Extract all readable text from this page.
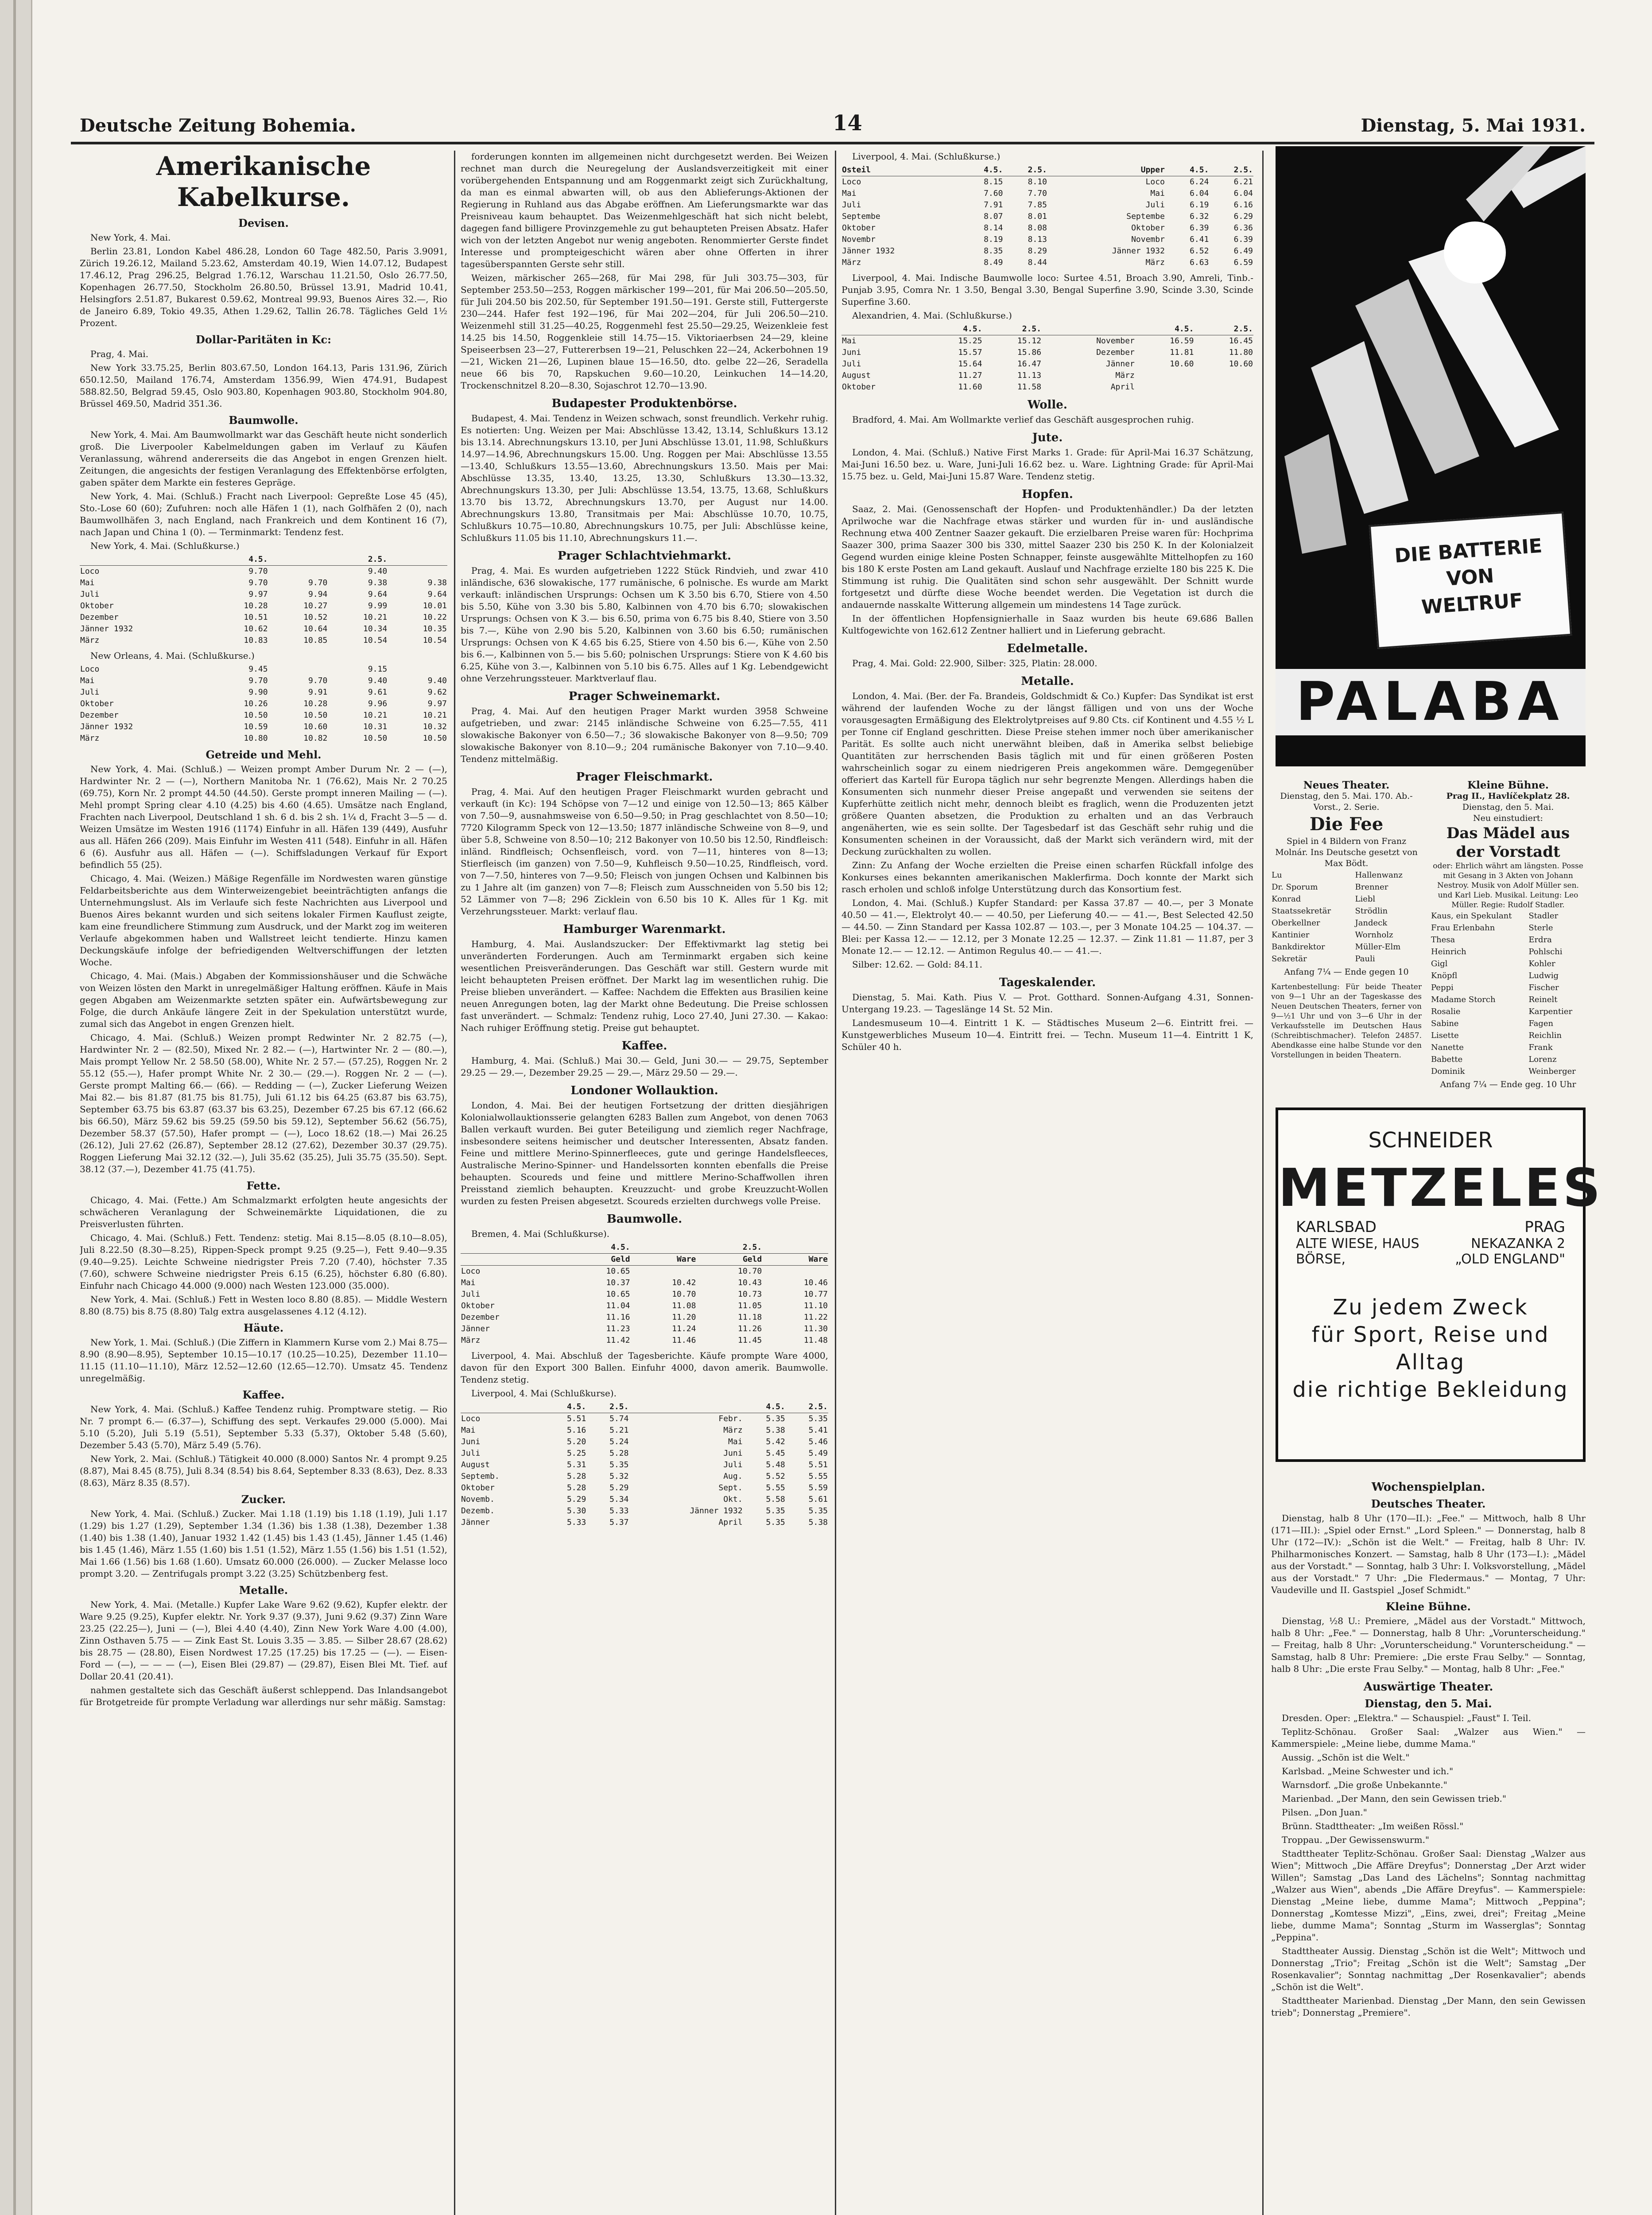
Deutsche Zeitung Bohemia.	14	Dienstag, 5. Mai 1931.
Amerikanische Kabelkurse.
Devisen.

New York, 4. Mai.

Berlin 23.81, London Kabel 486.28, London 60 Tage 482.50, Paris 3.9091, Zürich 19.26.12, Mailand 5.23.62, Amsterdam 40.19, Wien 14.07.12, Budapest 17.46.12, Prag 296.25, Belgrad 1.76.12, Warschau 11.21.50, Oslo 26.77.50, Kopenhagen 26.77.50, Stockholm 26.80.50, Brüssel 13.91, Madrid 10.41, Helsingfors 2.51.87, Bukarest 0.59.62, Montreal 99.93, Buenos Aires 32.—, Rio de Janeiro 6.89, Tokio 49.35, Athen 1.29.62, Tallin 26.78. Tägliches Geld 1½ Prozent.

Dollar-Paritäten in Kc:

Prag, 4. Mai.

New York 33.75.25, Berlin 803.67.50, London 164.13, Paris 131.96, Zürich 650.12.50, Mailand 176.74, Amsterdam 1356.99, Wien 474.91, Budapest 588.82.50, Belgrad 59.45, Oslo 903.80, Kopenhagen 903.80, Stockholm 904.80, Brüssel 469.50, Madrid 351.36.

Baumwolle.

New York, 4. Mai. Am Baumwollmarkt war das Geschäft heute nicht sonderlich groß. Die Liverpooler Kabelmeldungen gaben im Verlauf zu Käufen Veranlassung, während andererseits die das Angebot in engen Grenzen hielt. Zeitungen, die angesichts der festigen Veranlagung des Effektenbörse erfolgten, gaben später dem Markte ein festeres Gepräge.

New York, 4. Mai. (Schluß.) Fracht nach Liverpool: Gepreßte Lose 45 (45), Sto.-Lose 60 (60); Zufuhren: noch alle Häfen 1 (1), nach Golfhäfen 2 (0), nach Baumwollhäfen 3, nach England, nach Frankreich und dem Kontinent 16 (7), nach Japan und China 1 (0). — Terminmarkt: Tendenz fest.

New York, 4. Mai. (Schlußkurse.)

	4.5.		2.5.	
Loco	9.70		9.40	
Mai	9.70	9.70	9.38	9.38
Juli	9.97	9.94	9.64	9.64
Oktober	10.28	10.27	9.99	10.01
Dezember	10.51	10.52	10.21	10.22
Jänner 1932	10.62	10.64	10.34	10.35
März	10.83	10.85	10.54	10.54

New Orleans, 4. Mai. (Schlußkurse.)

Loco	9.45		9.15	
Mai	9.70	9.70	9.40	9.40
Juli	9.90	9.91	9.61	9.62
Oktober	10.26	10.28	9.96	9.97
Dezember	10.50	10.50	10.21	10.21
Jänner 1932	10.59	10.60	10.31	10.32
März	10.80	10.82	10.50	10.50
Getreide und Mehl.

New York, 4. Mai. (Schluß.) — Weizen prompt Amber Durum Nr. 2 — (—), Hardwinter Nr. 2 — (—), Northern Manitoba Nr. 1 (76.62), Mais Nr. 2 70.25 (69.75), Korn Nr. 2 prompt 44.50 (44.50). Gerste prompt inneren Mailing — (—). Mehl prompt Spring clear 4.10 (4.25) bis 4.60 (4.65). Umsätze nach England, Frachten nach Liverpool, Deutschland 1 sh. 6 d. bis 2 sh. 1¼ d, Fracht 3—5 — d. Weizen Umsätze im Westen 1916 (1174) Einfuhr in all. Häfen 139 (449), Ausfuhr aus all. Häfen 266 (209). Mais Einfuhr im Westen 411 (548). Einfuhr in all. Häfen 6 (6). Ausfuhr aus all. Häfen — (—). Schiffsladungen Verkauf für Export befindlich 55 (25).

Chicago, 4. Mai. (Weizen.) Mäßige Regenfälle im Nordwesten waren günstige Feldarbeitsberichte aus dem Winterweizengebiet beeinträchtigten anfangs die Unternehmungslust. Als im Verlaufe sich feste Nachrichten aus Liverpool und Buenos Aires bekannt wurden und sich seitens lokaler Firmen Kauflust zeigte, kam eine freundlichere Stimmung zum Ausdruck, und der Markt zog im weiteren Verlaufe abgekommen haben und Wallstreet leicht tendierte. Hinzu kamen Deckungskäufe infolge der befriedigenden Weltverschiffungen der letzten Woche.

Chicago, 4. Mai. (Mais.) Abgaben der Kommissionshäuser und die Schwäche von Weizen lösten den Markt in unregelmäßiger Haltung eröffnen. Käufe in Mais gegen Abgaben am Weizenmarkte setzten später ein. Aufwärtsbewegung zur Folge, die durch Ankäufe längere Zeit in der Spekulation unterstützt wurde, zumal sich das Angebot in engen Grenzen hielt.

Chicago, 4. Mai. (Schluß.) Weizen prompt Redwinter Nr. 2 82.75 (—), Hardwinter Nr. 2 — (82.50), Mixed Nr. 2 82.— (—), Hartwinter Nr. 2 — (80.—), Mais prompt Yellow Nr. 2 58.50 (58.00), White Nr. 2 57.— (57.25), Roggen Nr. 2 55.12 (55.—), Hafer prompt White Nr. 2 30.— (29.—). Roggen Nr. 2 — (—). Gerste prompt Malting 66.— (66). — Redding — (—), Zucker Lieferung Weizen Mai 82.— bis 81.87 (81.75 bis 81.75), Juli 61.12 bis 64.25 (63.87 bis 63.75), September 63.75 bis 63.87 (63.37 bis 63.25), Dezember 67.25 bis 67.12 (66.62 bis 66.50), März 59.62 bis 59.25 (59.50 bis 59.12), September 56.62 (56.75), Dezember 58.37 (57.50), Hafer prompt — (—), Loco 18.62 (18.—) Mai 26.25 (26.12), Juli 27.62 (26.87), September 28.12 (27.62), Dezember 30.37 (29.75). Roggen Lieferung Mai 32.12 (32.—), Juli 35.62 (35.25), Juli 35.75 (35.50). Sept. 38.12 (37.—), Dezember 41.75 (41.75).

Fette.

Chicago, 4. Mai. (Fette.) Am Schmalzmarkt erfolgten heute angesichts der schwächeren Veranlagung der Schweinemärkte Liquidationen, die zu Preisverlusten führten.

Chicago, 4. Mai. (Schluß.) Fett. Tendenz: stetig. Mai 8.15—8.05 (8.10—8.05), Juli 8.22.50 (8.30—8.25), Rippen-Speck prompt 9.25 (9.25—), Fett 9.40—9.35 (9.40—9.25). Leichte Schweine niedrigster Preis 7.20 (7.40), höchster 7.35 (7.60), schwere Schweine niedrigster Preis 6.15 (6.25), höchster 6.80 (6.80). Einfuhr nach Chicago 44.000 (9.000) nach Westen 123.000 (35.000).

New York, 4. Mai. (Schluß.) Fett in Westen loco 8.80 (8.85). — Middle Western 8.80 (8.75) bis 8.75 (8.80) Talg extra ausgelassenes 4.12 (4.12).

Häute.

New York, 1. Mai. (Schluß.) (Die Ziffern in Klammern Kurse vom 2.) Mai 8.75—8.90 (8.90—8.95), September 10.15—10.17 (10.25—10.25), Dezember 11.10—11.15 (11.10—11.10), März 12.52—12.60 (12.65—12.70). Umsatz 45. Tendenz unregelmäßig.

Kaffee.

New York, 4. Mai. (Schluß.) Kaffee Tendenz ruhig. Promptware stetig. — Rio Nr. 7 prompt 6.— (6.37—), Schiffung des sept. Verkaufes 29.000 (5.000). Mai 5.10 (5.20), Juli 5.19 (5.51), September 5.33 (5.37), Oktober 5.48 (5.60), Dezember 5.43 (5.70), März 5.49 (5.76).

New York, 2. Mai. (Schluß.) Tätigkeit 40.000 (8.000) Santos Nr. 4 prompt 9.25 (8.87), Mai 8.45 (8.75), Juli 8.34 (8.54) bis 8.64, September 8.33 (8.63), Dez. 8.33 (8.63), März 8.35 (8.57).

Zucker.

New York, 4. Mai. (Schluß.) Zucker. Mai 1.18 (1.19) bis 1.18 (1.19), Juli 1.17 (1.29) bis 1.27 (1.29), September 1.34 (1.36) bis 1.38 (1.38), Dezember 1.38 (1.40) bis 1.38 (1.40), Januar 1932 1.42 (1.45) bis 1.43 (1.45), Jänner 1.45 (1.46) bis 1.45 (1.46), März 1.55 (1.60) bis 1.51 (1.52), März 1.55 (1.56) bis 1.51 (1.52), Mai 1.66 (1.56) bis 1.68 (1.60). Umsatz 60.000 (26.000). — Zucker Melasse loco prompt 3.20. — Zentrifugals prompt 3.22 (3.25) Schützbenberg fest.

Metalle.

New York, 4. Mai. (Metalle.) Kupfer Lake Ware 9.62 (9.62), Kupfer elektr. der Ware 9.25 (9.25), Kupfer elektr. Nr. York 9.37 (9.37), Juni 9.62 (9.37) Zinn Ware 23.25 (22.25—), Juni — (—), Blei 4.40 (4.40), Zinn New York Ware 4.00 (4.00), Zinn Osthaven 5.75 — — Zink East St. Louis 3.35 — 3.85. — Silber 28.67 (28.62) bis 28.75 — (28.80), Eisen Nordwest 17.25 (17.25) bis 17.25 — (—). — Eisen-Ford — (—), — — — (—), Eisen Blei (29.87) — (29.87), Eisen Blei Mt. Tief. auf Dollar 20.41 (20.41).

nahmen gestaltete sich das Geschäft äußerst schleppend. Das Inlandsangebot für Brotgetreide für prompte Verladung war allerdings nur sehr mäßig. Samstag:

forderungen konnten im allgemeinen nicht durchgesetzt werden. Bei Weizen rechnet man durch die Neuregelung der Auslandsverzeitigkeit mit einer vorübergehenden Entspannung und am Roggenmarkt zeigt sich Zurückhaltung, da man es einmal abwarten will, ob aus den Ablieferungs-Aktionen der Regierung in Ruhland aus das Abgabe eröffnen. Am Lieferungsmarkte war das Preisniveau kaum behauptet. Das Weizenmehlgeschäft hat sich nicht belebt, dagegen fand billigere Provinzgemehle zu gut behaupteten Preisen Absatz. Hafer wich von der letzten Angebot nur wenig angeboten. Renommierter Gerste findet Interesse und prompteigeschicht wären aber ohne Offerten in ihrer tagesüberspannten Gerste sehr still.

Weizen, märkischer 265—268, für Mai 298, für Juli 303.75—303, für September 253.50—253, Roggen märkischer 199—201, für Mai 206.50—205.50, für Juli 204.50 bis 202.50, für September 191.50—191. Gerste still, Futtergerste 230—244. Hafer fest 192—196, für Mai 202—204, für Juli 206.50—210. Weizenmehl still 31.25—40.25, Roggenmehl fest 25.50—29.25, Weizenkleie fest 14.25 bis 14.50, Roggenkleie still 14.75—15. Viktoriaerbsen 24—29, kleine Speiseerbsen 23—27, Futtererbsen 19—21, Peluschken 22—24, Ackerbohnen 19—21, Wicken 21—26, Lupinen blaue 15—16.50, dto. gelbe 22—26, Seradella neue 66 bis 70, Rapskuchen 9.60—10.20, Leinkuchen 14—14.20, Trockenschnitzel 8.20—8.30, Sojaschrot 12.70—13.90.

Budapester Produktenbörse.

Budapest, 4. Mai. Tendenz in Weizen schwach, sonst freundlich. Verkehr ruhig. Es notierten: Ung. Weizen per Mai: Abschlüsse 13.42, 13.14, Schlußkurs 13.12 bis 13.14. Abrechnungskurs 13.10, per Juni Abschlüsse 13.01, 11.98, Schlußkurs 14.97—14.96, Abrechnungskurs 15.00. Ung. Roggen per Mai: Abschlüsse 13.55—13.40, Schlußkurs 13.55—13.60, Abrechnungskurs 13.50. Mais per Mai: Abschlüsse 13.35, 13.40, 13.25, 13.30, Schlußkurs 13.30—13.32, Abrechnungskurs 13.30, per Juli: Abschlüsse 13.54, 13.75, 13.68, Schlußkurs 13.70 bis 13.72, Abrechnungskurs 13.70, per August nur 14.00. Abrechnungskurs 13.80, Transitmais per Mai: Abschlüsse 10.70, 10.75, Schlußkurs 10.75—10.80, Abrechnungskurs 10.75, per Juli: Abschlüsse keine, Schlußkurs 11.05 bis 11.10, Abrechnungskurs 11.—.

Prager Schlachtviehmarkt.

Prag, 4. Mai. Es wurden aufgetrieben 1222 Stück Rindvieh, und zwar 410 inländische, 636 slowakische, 177 rumänische, 6 polnische. Es wurde am Markt verkauft: inländischen Ursprungs: Ochsen um K 3.50 bis 6.70, Stiere von 4.50 bis 5.50, Kühe von 3.30 bis 5.80, Kalbinnen von 4.70 bis 6.70; slowakischen Ursprungs: Ochsen von K 3.— bis 6.50, prima von 6.75 bis 8.40, Stiere von 3.50 bis 7.—, Kühe von 2.90 bis 5.20, Kalbinnen von 3.60 bis 6.50; rumänischen Ursprungs: Ochsen von K 4.65 bis 6.25, Stiere von 4.50 bis 6.—, Kühe von 2.50 bis 6.—, Kalbinnen von 5.— bis 5.60; polnischen Ursprungs: Stiere von K 4.60 bis 6.25, Kühe von 3.—, Kalbinnen von 5.10 bis 6.75. Alles auf 1 Kg. Lebendgewicht ohne Verzehrungssteuer. Marktverlauf flau.

Prager Schweinemarkt.

Prag, 4. Mai. Auf den heutigen Prager Markt wurden 3958 Schweine aufgetrieben, und zwar: 2145 inländische Schweine von 6.25—7.55, 411 slowakische Bakonyer von 6.50—7.; 36 slowakische Bakonyer von 8—9.50; 709 slowakische Bakonyer von 8.10—9.; 204 rumänische Bakonyer von 7.10—9.40. Tendenz mittelmäßig.

Prager Fleischmarkt.

Prag, 4. Mai. Auf den heutigen Prager Fleischmarkt wurden gebracht und verkauft (in Kc): 194 Schöpse von 7—12 und einige von 12.50—13; 865 Kälber von 7.50—9, ausnahmsweise von 6.50—9.50; in Prag geschlachtet von 8.50—10; 7720 Kilogramm Speck von 12—13.50; 1877 inländische Schweine von 8—9, und über 5.8, Schweine von 8.50—10; 212 Bakonyer von 10.50 bis 12.50, Rindfleisch: inländ. Rindfleisch; Ochsenfleisch, vord. von 7—11, hinteres von 8—13; Stierfleisch (im ganzen) von 7.50—9, Kuhfleisch 9.50—10.25, Rindfleisch, vord. von 7—7.50, hinteres von 7—9.50; Fleisch von jungen Ochsen und Kalbinnen bis zu 1 Jahre alt (im ganzen) von 7—8; Fleisch zum Ausschneiden von 5.50 bis 12; 52 Lämmer von 7—8; 296 Zicklein von 6.50 bis 10 K. Alles für 1 Kg. mit Verzehrungssteuer. Markt: verlauf flau.

Hamburger Warenmarkt.

Hamburg, 4. Mai. Auslandszucker: Der Effektivmarkt lag stetig bei unveränderten Forderungen. Auch am Terminmarkt ergaben sich keine wesentlichen Preisveränderungen. Das Geschäft war still. Gestern wurde mit leicht behaupteten Preisen eröffnet. Der Markt lag im wesentlichen ruhig. Die Preise blieben unverändert. — Kaffee: Nachdem die Effekten aus Brasilien keine neuen Anregungen boten, lag der Markt ohne Bedeutung. Die Preise schlossen fast unverändert. — Schmalz: Tendenz ruhig, Loco 27.40, Juni 27.30. — Kakao: Nach ruhiger Eröffnung stetig. Preise gut behauptet.

Kaffee.

Hamburg, 4. Mai. (Schluß.) Mai 30.— Geld, Juni 30.— — 29.75, September 29.25 — 29.—, Dezember 29.25 — 29.—, März 29.50 — 29.—.

Londoner Wollauktion.

London, 4. Mai. Bei der heutigen Fortsetzung der dritten diesjährigen Kolonialwollauktionsserie gelangten 6283 Ballen zum Angebot, von denen 7063 Ballen verkauft wurden. Bei guter Beteiligung und ziemlich reger Nachfrage, insbesondere seitens heimischer und deutscher Interessenten, Absatz fanden. Feine und mittlere Merino-Spinnerfleeces, gute und geringe Handelsfleeces, Australische Merino-Spinner- und Handelssorten konnten ebenfalls die Preise behaupten. Scoureds und feine und mittlere Merino-Schaffwollen ihren Preisstand ziemlich behaupten. Kreuzzucht- und grobe Kreuzzucht-Wollen wurden zu festen Preisen abgesetzt. Scoureds erzielten durchwegs volle Preise.

Baumwolle.

Bremen, 4. Mai (Schlußkurse).

	4.5.		2.5.	
	Geld	Ware	Geld	Ware
Loco	10.65		10.70	
Mai	10.37	10.42	10.43	10.46
Juli	10.65	10.70	10.73	10.77
Oktober	11.04	11.08	11.05	11.10
Dezember	11.16	11.20	11.18	11.22
Jänner	11.23	11.24	11.26	11.30
März	11.42	11.46	11.45	11.48

Liverpool, 4. Mai. Abschluß der Tagesberichte. Käufe prompte Ware 4000, davon für den Export 300 Ballen. Einfuhr 4000, davon amerik. Baumwolle. Tendenz stetig.

Liverpool, 4. Mai (Schlußkurse).

	4.5.	2.5.		4.5.	2.5.
Loco	5.51	5.74	Febr.	5.35	5.35
Mai	5.16	5.21	März	5.38	5.41
Juni	5.20	5.24	Mai	5.42	5.46
Juli	5.25	5.28	Juni	5.45	5.49
August	5.31	5.35	Juli	5.48	5.51
Septemb.	5.28	5.32	Aug.	5.52	5.55
Oktober	5.28	5.29	Sept.	5.55	5.59
Novemb.	5.29	5.34	Okt.	5.58	5.61
Dezemb.	5.30	5.33	Jänner 1932	5.35	5.35
Jänner	5.33	5.37	April	5.35	5.38

Liverpool, 4. Mai. (Schlußkurse.)

Osteil	4.5.	2.5.	Upper	4.5.	2.5.
Loco	8.15	8.10	Loco	6.24	6.21
Mai	7.60	7.70	Mai	6.04	6.04
Juli	7.91	7.85	Juli	6.19	6.16
Septembe	8.07	8.01	Septembe	6.32	6.29
Oktober	8.14	8.08	Oktober	6.39	6.36
Novembr	8.19	8.13	Novembr	6.41	6.39
Jänner 1932	8.35	8.29	Jänner 1932	6.52	6.49
März	8.49	8.44	März	6.63	6.59

Liverpool, 4. Mai. Indische Baumwolle loco: Surtee 4.51, Broach 3.90, Amreli, Tinb.-Punjab 3.95, Comra Nr. 1 3.50, Bengal 3.30, Bengal Superfine 3.90, Scinde 3.30, Scinde Superfine 3.60.

Alexandrien, 4. Mai. (Schlußkurse.)

	4.5.	2.5.		4.5.	2.5.
Mai	15.25	15.12	November	16.59	16.45
Juni	15.57	15.86	Dezember	11.81	11.80
Juli	15.64	16.47	Jänner	10.60	10.60
August	11.27	11.13	März		
Oktober	11.60	11.58	April		
Wolle.

Bradford, 4. Mai. Am Wollmarkte verlief das Geschäft ausgesprochen ruhig.

Jute.

London, 4. Mai. (Schluß.) Native First Marks 1. Grade: für April-Mai 16.37 Schätzung, Mai-Juni 16.50 bez. u. Ware, Juni-Juli 16.62 bez. u. Ware. Lightning Grade: für April-Mai 15.75 bez. u. Geld, Mai-Juni 15.87 Ware. Tendenz stetig.

Hopfen.

Saaz, 2. Mai. (Genossenschaft der Hopfen- und Produktenhändler.) Da der letzten Aprilwoche war die Nachfrage etwas stärker und wurden für in- und ausländische Rechnung etwa 400 Zentner Saazer gekauft. Die erzielbaren Preise waren für: Hochprima Saazer 300, prima Saazer 300 bis 330, mittel Saazer 230 bis 250 K. In der Kolonialzeit Gegend wurden einige kleine Posten Schnapper, feinste ausgewählte Mittelhopfen zu 160 bis 180 K erste Posten am Land gekauft. Auslauf und Nachfrage erzielte 180 bis 225 K. Die Stimmung ist ruhig. Die Qualitäten sind schon sehr ausgewählt. Der Schnitt wurde fortgesetzt und dürfte diese Woche beendet werden. Die Vegetation ist durch die andauernde nasskalte Witterung allgemein um mindestens 14 Tage zurück.

In der öffentlichen Hopfensignierhalle in Saaz wurden bis heute 69.686 Ballen Kultfogewichte von 162.612 Zentner halliert und in Lieferung gebracht.

Edelmetalle.

Prag, 4. Mai. Gold: 22.900, Silber: 325, Platin: 28.000.

Metalle.

London, 4. Mai. (Ber. der Fa. Brandeis, Goldschmidt & Co.) Kupfer: Das Syndikat ist erst während der laufenden Woche zu der längst fälligen und von uns der Woche vorausgesagten Ermäßigung des Elektrolytpreises auf 9.80 Cts. cif Kontinent und 4.55 ½ L per Tonne cif England geschritten. Diese Preise stehen immer noch über amerikanischer Parität. Es sollte auch nicht unerwähnt bleiben, daß in Amerika selbst beliebige Quantitäten zur herrschenden Basis täglich mit und für einen größeren Posten wahrscheinlich sogar zu einem niedrigeren Preis angekommen wäre. Demgegenüber offeriert das Kartell für Europa täglich nur sehr begrenzte Mengen. Allerdings haben die Konsumenten sich nunmehr dieser Preise angepaßt und verwenden sie seitens der Kupferhütte zeitlich nicht mehr, dennoch bleibt es fraglich, wenn die Produzenten jetzt größere Quanten absetzen, die Produktion zu erhalten und an das Verbrauch angenäherten, wie es sein sollte. Der Tagesbedarf ist das Geschäft sehr ruhig und die Konsumenten scheinen in der Voraussicht, daß der Markt sich verändern wird, mit der Deckung zurückhalten zu wollen.

Zinn: Zu Anfang der Woche erzielten die Preise einen scharfen Rückfall infolge des Konkurses eines bekannten amerikanischen Maklerfirma. Doch konnte der Markt sich rasch erholen und schloß infolge Unterstützung durch das Konsortium fest.

London, 4. Mai. (Schluß.) Kupfer Standard: per Kassa 37.87 — 40.—, per 3 Monate 40.50 — 41.—, Elektrolyt 40.— — 40.50, per Lieferung 40.— — 41.—, Best Selected 42.50 — 44.50. — Zinn Standard per Kassa 102.87 — 103.—, per 3 Monate 104.25 — 104.37. — Blei: per Kassa 12.— — 12.12, per 3 Monate 12.25 — 12.37. — Zink 11.81 — 11.87, per 3 Monate 12.— — 12.12. — Antimon Regulus 40.— — 41.—.

Silber: 12.62. — Gold: 84.11.

Tageskalender.

Dienstag, 5. Mai. Kath. Pius V. — Prot. Gotthard. Sonnen-Aufgang 4.31, Sonnen-Untergang 19.23. — Tageslänge 14 St. 52 Min.

Landesmuseum 10—4. Eintritt 1 K. — Städtisches Museum 2—6. Eintritt frei. — Kunstgewerbliches Museum 10—4. Eintritt frei. — Techn. Museum 11—4. Eintritt 1 K, Schüler 40 h.

DIE BATTERIE
VON
WELTRUF
PALABA
Neues Theater.
Dienstag, den 5. Mai. 170. Ab.-Vorst., 2. Serie.
Die Fee
Spiel in 4 Bildern von Franz Molnár. Ins Deutsche gesetzt von Max Bödt.
Lu	Hallenwanz
Dr. Sporum	Brenner
Konrad	Liebl
Staatssekretär	Strödlin
Oberkellner	Jandeck
Kantinier	Wornholz
Bankdirektor	Müller-Elm
Sekretär	Pauli
Anfang 7¼ — Ende gegen 10
Kartenbestellung: Für beide Theater von 9—1 Uhr an der Tageskasse des Neuen Deutschen Theaters, ferner von 9—½1 Uhr und von 3—6 Uhr in der Verkaufsstelle im Deutschen Haus (Schreibtischmacher). Telefon 24857. Abendkasse eine halbe Stunde vor den Vorstellungen in beiden Theatern.
Kleine Bühne.
Prag II., Havlíčekplatz 28.
Dienstag, den 5. Mai.
Neu einstudiert:
Das Mädel aus der Vorstadt
oder: Ehrlich währt am längsten. Posse mit Gesang in 3 Akten von Johann Nestroy. Musik von Adolf Müller sen. und Karl Lieb. Musikal. Leitung: Leo Müller. Regie: Rudolf Stadler.
Kaus, ein Spekulant	Stadler
Frau Erlenbahn	Sterle
Thesa	Erdra
Heinrich	Pohlschi
Gigl	Kohler
Knöpfl	Ludwig
Peppi	Fischer
Madame Storch	Reinelt
Rosalie	Karpentier
Sabine	Fagen
Lisette	Reichlin
Nanette	Frank
Babette	Lorenz
Dominik	Weinberger
Anfang 7¼ — Ende geg. 10 Uhr
SCHNEIDER
METZELES
KARLSBAD	PRAG
ALTE WIESE, HAUS	NEKAZANKA 2
BÖRSE,	„OLD ENGLAND"
Zu jedem Zweck
für Sport, Reise und Alltag
die richtige Bekleidung
Wochenspielplan.
Deutsches Theater.

Dienstag, halb 8 Uhr (170—II.): „Fee." — Mittwoch, halb 8 Uhr (171—III.): „Spiel oder Ernst." „Lord Spleen." — Donnerstag, halb 8 Uhr (172—IV.): „Schön ist die Welt." — Freitag, halb 8 Uhr: IV. Philharmonisches Konzert. — Samstag, halb 8 Uhr (173—I.): „Mädel aus der Vorstadt." — Sonntag, halb 3 Uhr: I. Volksvorstellung, „Mädel aus der Vorstadt." 7 Uhr: „Die Fledermaus." — Montag, 7 Uhr: Vaudeville und II. Gastspiel „Josef Schmidt."

Kleine Bühne.

Dienstag, ½8 U.: Premiere, „Mädel aus der Vorstadt." Mittwoch, halb 8 Uhr: „Fee." — Donnerstag, halb 8 Uhr: „Vorunterscheidung." — Freitag, halb 8 Uhr: „Vorunterscheidung." Vorunterscheidung." — Samstag, halb 8 Uhr: Premiere: „Die erste Frau Selby." — Sonntag, halb 8 Uhr: „Die erste Frau Selby." — Montag, halb 8 Uhr: „Fee."

Auswärtige Theater.
Dienstag, den 5. Mai.

Dresden. Oper: „Elektra." — Schauspiel: „Faust" I. Teil.

Teplitz-Schönau. Großer Saal: „Walzer aus Wien." — Kammerspiele: „Meine liebe, dumme Mama."

Aussig. „Schön ist die Welt."

Karlsbad. „Meine Schwester und ich."

Warnsdorf. „Die große Unbekannte."

Marienbad. „Der Mann, den sein Gewissen trieb."

Pilsen. „Don Juan."

Brünn. Stadttheater: „Im weißen Rössl."

Troppau. „Der Gewissenswurm."

Stadttheater Teplitz-Schönau. Großer Saal: Dienstag „Walzer aus Wien"; Mittwoch „Die Affäre Dreyfus"; Donnerstag „Der Arzt wider Willen"; Samstag „Das Land des Lächelns"; Sonntag nachmittag „Walzer aus Wien", abends „Die Affäre Dreyfus". — Kammerspiele: Dienstag „Meine liebe, dumme Mama"; Mittwoch „Peppina"; Donnerstag „Komtesse Mizzi", „Eins, zwei, drei"; Freitag „Meine liebe, dumme Mama"; Sonntag „Sturm im Wasserglas"; Sonntag „Peppina".

Stadttheater Aussig. Dienstag „Schön ist die Welt"; Mittwoch und Donnerstag „Trio"; Freitag „Schön ist die Welt"; Samstag „Der Rosenkavalier"; Sonntag nachmittag „Der Rosenkavalier"; abends „Schön ist die Welt".

Stadttheater Marienbad. Dienstag „Der Mann, den sein Gewissen trieb"; Donnerstag „Premiere".
